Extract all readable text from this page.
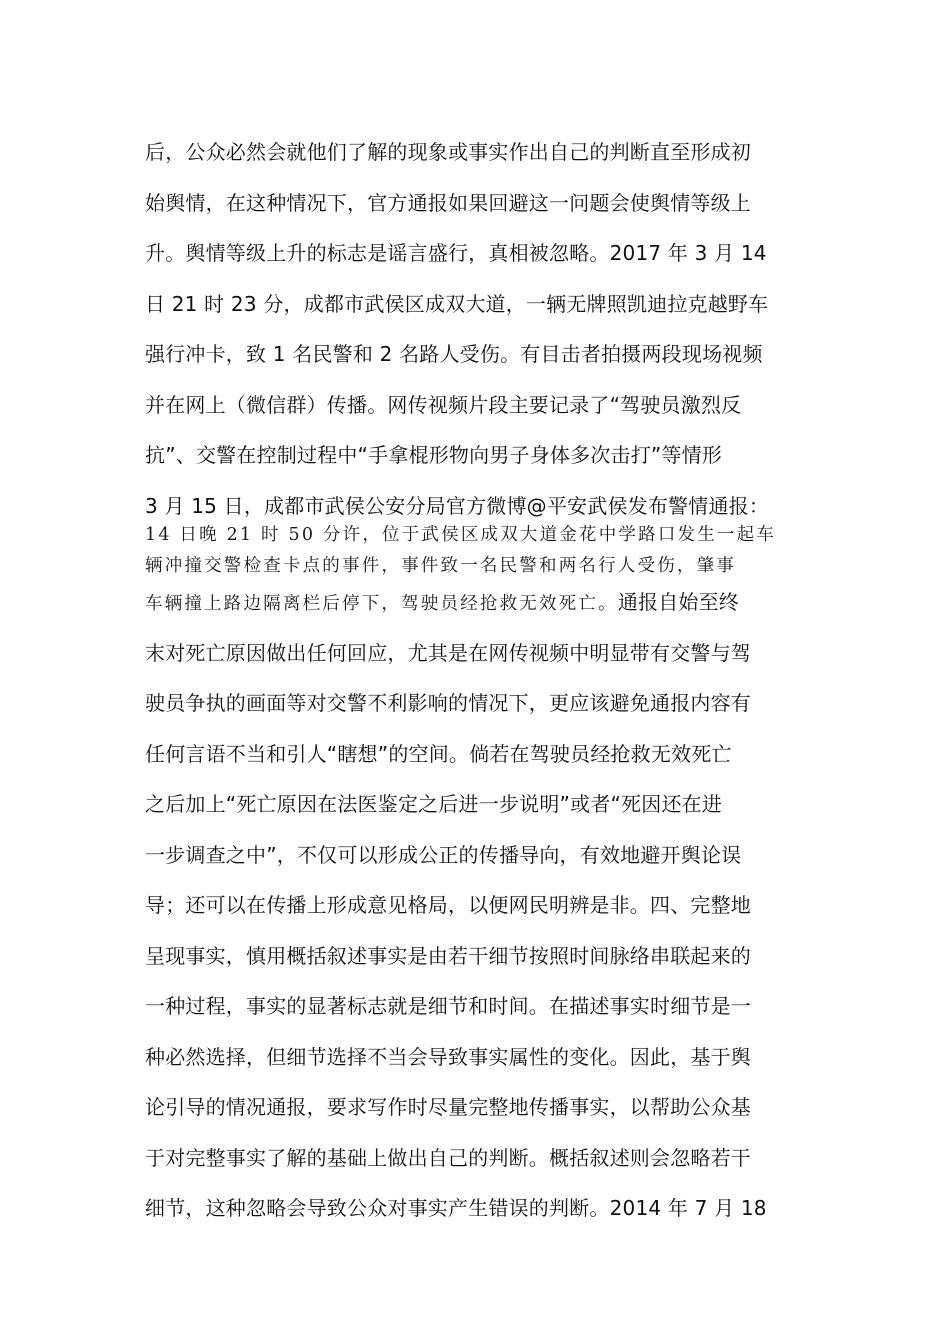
后，公众必然会就他们了解的现象或事实作出自己的判断直至形成初
始舆情，在这种情况下，官方通报如果回避这一问题会使舆情等级上
升。舆情等级上升的标志是谣言盛行，真相被忽略。2017 年 3 月 14
日 21 时 23 分，成都市武侯区成双大道，一辆无牌照凯迪拉克越野车
强行冲卡，致 1 名民警和 2 名路人受伤。有目击者拍摄两段现场视频
并在网上（微信群）传播。网传视频片段主要记录了“驾驶员激烈反
抗”、交警在控制过程中“手拿棍形物向男子身体多次击打”等情形
3 月 15 日，成都市武侯公安分局官方微博@平安武侯发布警情通报：
14 日晚 21 时 50 分许，位于武侯区成双大道金花中学路口发生一起车
辆冲撞交警检查卡点的事件，事件致一名民警和两名行人受伤，肇事
车辆撞上路边隔离栏后停下，驾驶员经抢救无效死亡。通报自始至终
末对死亡原因做出任何回应，尤其是在网传视频中明显带有交警与驾
驶员争执的画面等对交警不利影响的情况下，更应该避免通报内容有
任何言语不当和引人“瞎想”的空间。倘若在驾驶员经抢救无效死亡
之后加上“死亡原因在法医鉴定之后进一步说明”或者“死因还在进
一步调查之中”，不仅可以形成公正的传播导向，有效地避开舆论误
导；还可以在传播上形成意见格局，以便网民明辨是非。四、完整地
呈现事实，慎用概括叙述事实是由若干细节按照时间脉络串联起来的
一种过程，事实的显著标志就是细节和时间。在描述事实时细节是一
种必然选择，但细节选择不当会导致事实属性的变化。因此，基于舆
论引导的情况通报，要求写作时尽量完整地传播事实，以帮助公众基
于对完整事实了解的基础上做出自己的判断。概括叙述则会忽略若干
细节，这种忽略会导致公众对事实产生错误的判断。2014 年 7 月 18
